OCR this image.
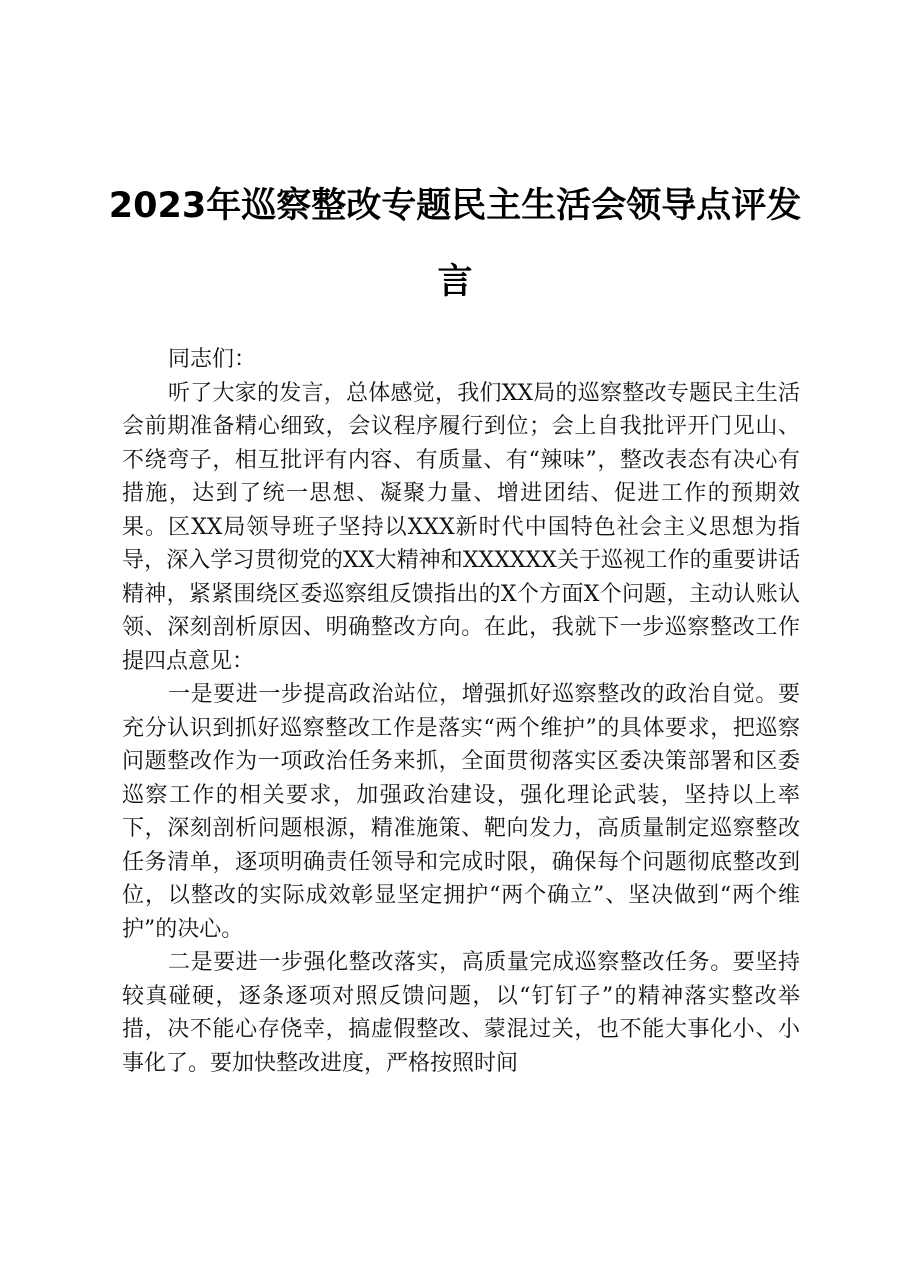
2023年巡察整改专题民主生活会领导点评发言

同志们：

听了大家的发言，总体感觉，我们XX局的巡察整改专题民主生活会前期准备精心细致，会议程序履行到位；会上自我批评开门见山、不绕弯子，相互批评有内容、有质量、有“辣味”，整改表态有决心有措施，达到了统一思想、凝聚力量、增进团结、促进工作的预期效果。区XX局领导班子坚持以XXX新时代中国特色社会主义思想为指导，深入学习贯彻党的XX大精神和XXXXXX关于巡视工作的重要讲话精神，紧紧围绕区委巡察组反馈指出的X个方面X个问题，主动认账认领、深刻剖析原因、明确整改方向。在此，我就下一步巡察整改工作提四点意见：

一是要进一步提高政治站位，增强抓好巡察整改的政治自觉。要充分认识到抓好巡察整改工作是落实“两个维护”的具体要求，把巡察问题整改作为一项政治任务来抓，全面贯彻落实区委决策部署和区委巡察工作的相关要求，加强政治建设，强化理论武装，坚持以上率下，深刻剖析问题根源，精准施策、靶向发力，高质量制定巡察整改任务清单，逐项明确责任领导和完成时限，确保每个问题彻底整改到位，以整改的实际成效彰显坚定拥护“两个确立”、坚决做到“两个维护”的决心。

二是要进一步强化整改落实，高质量完成巡察整改任务。要坚持较真碰硬，逐条逐项对照反馈问题，以“钉钉子”的精神落实整改举措，决不能心存侥幸，搞虚假整改、蒙混过关，也不能大事化小、小事化了。要加快整改进度，严格按照时间
